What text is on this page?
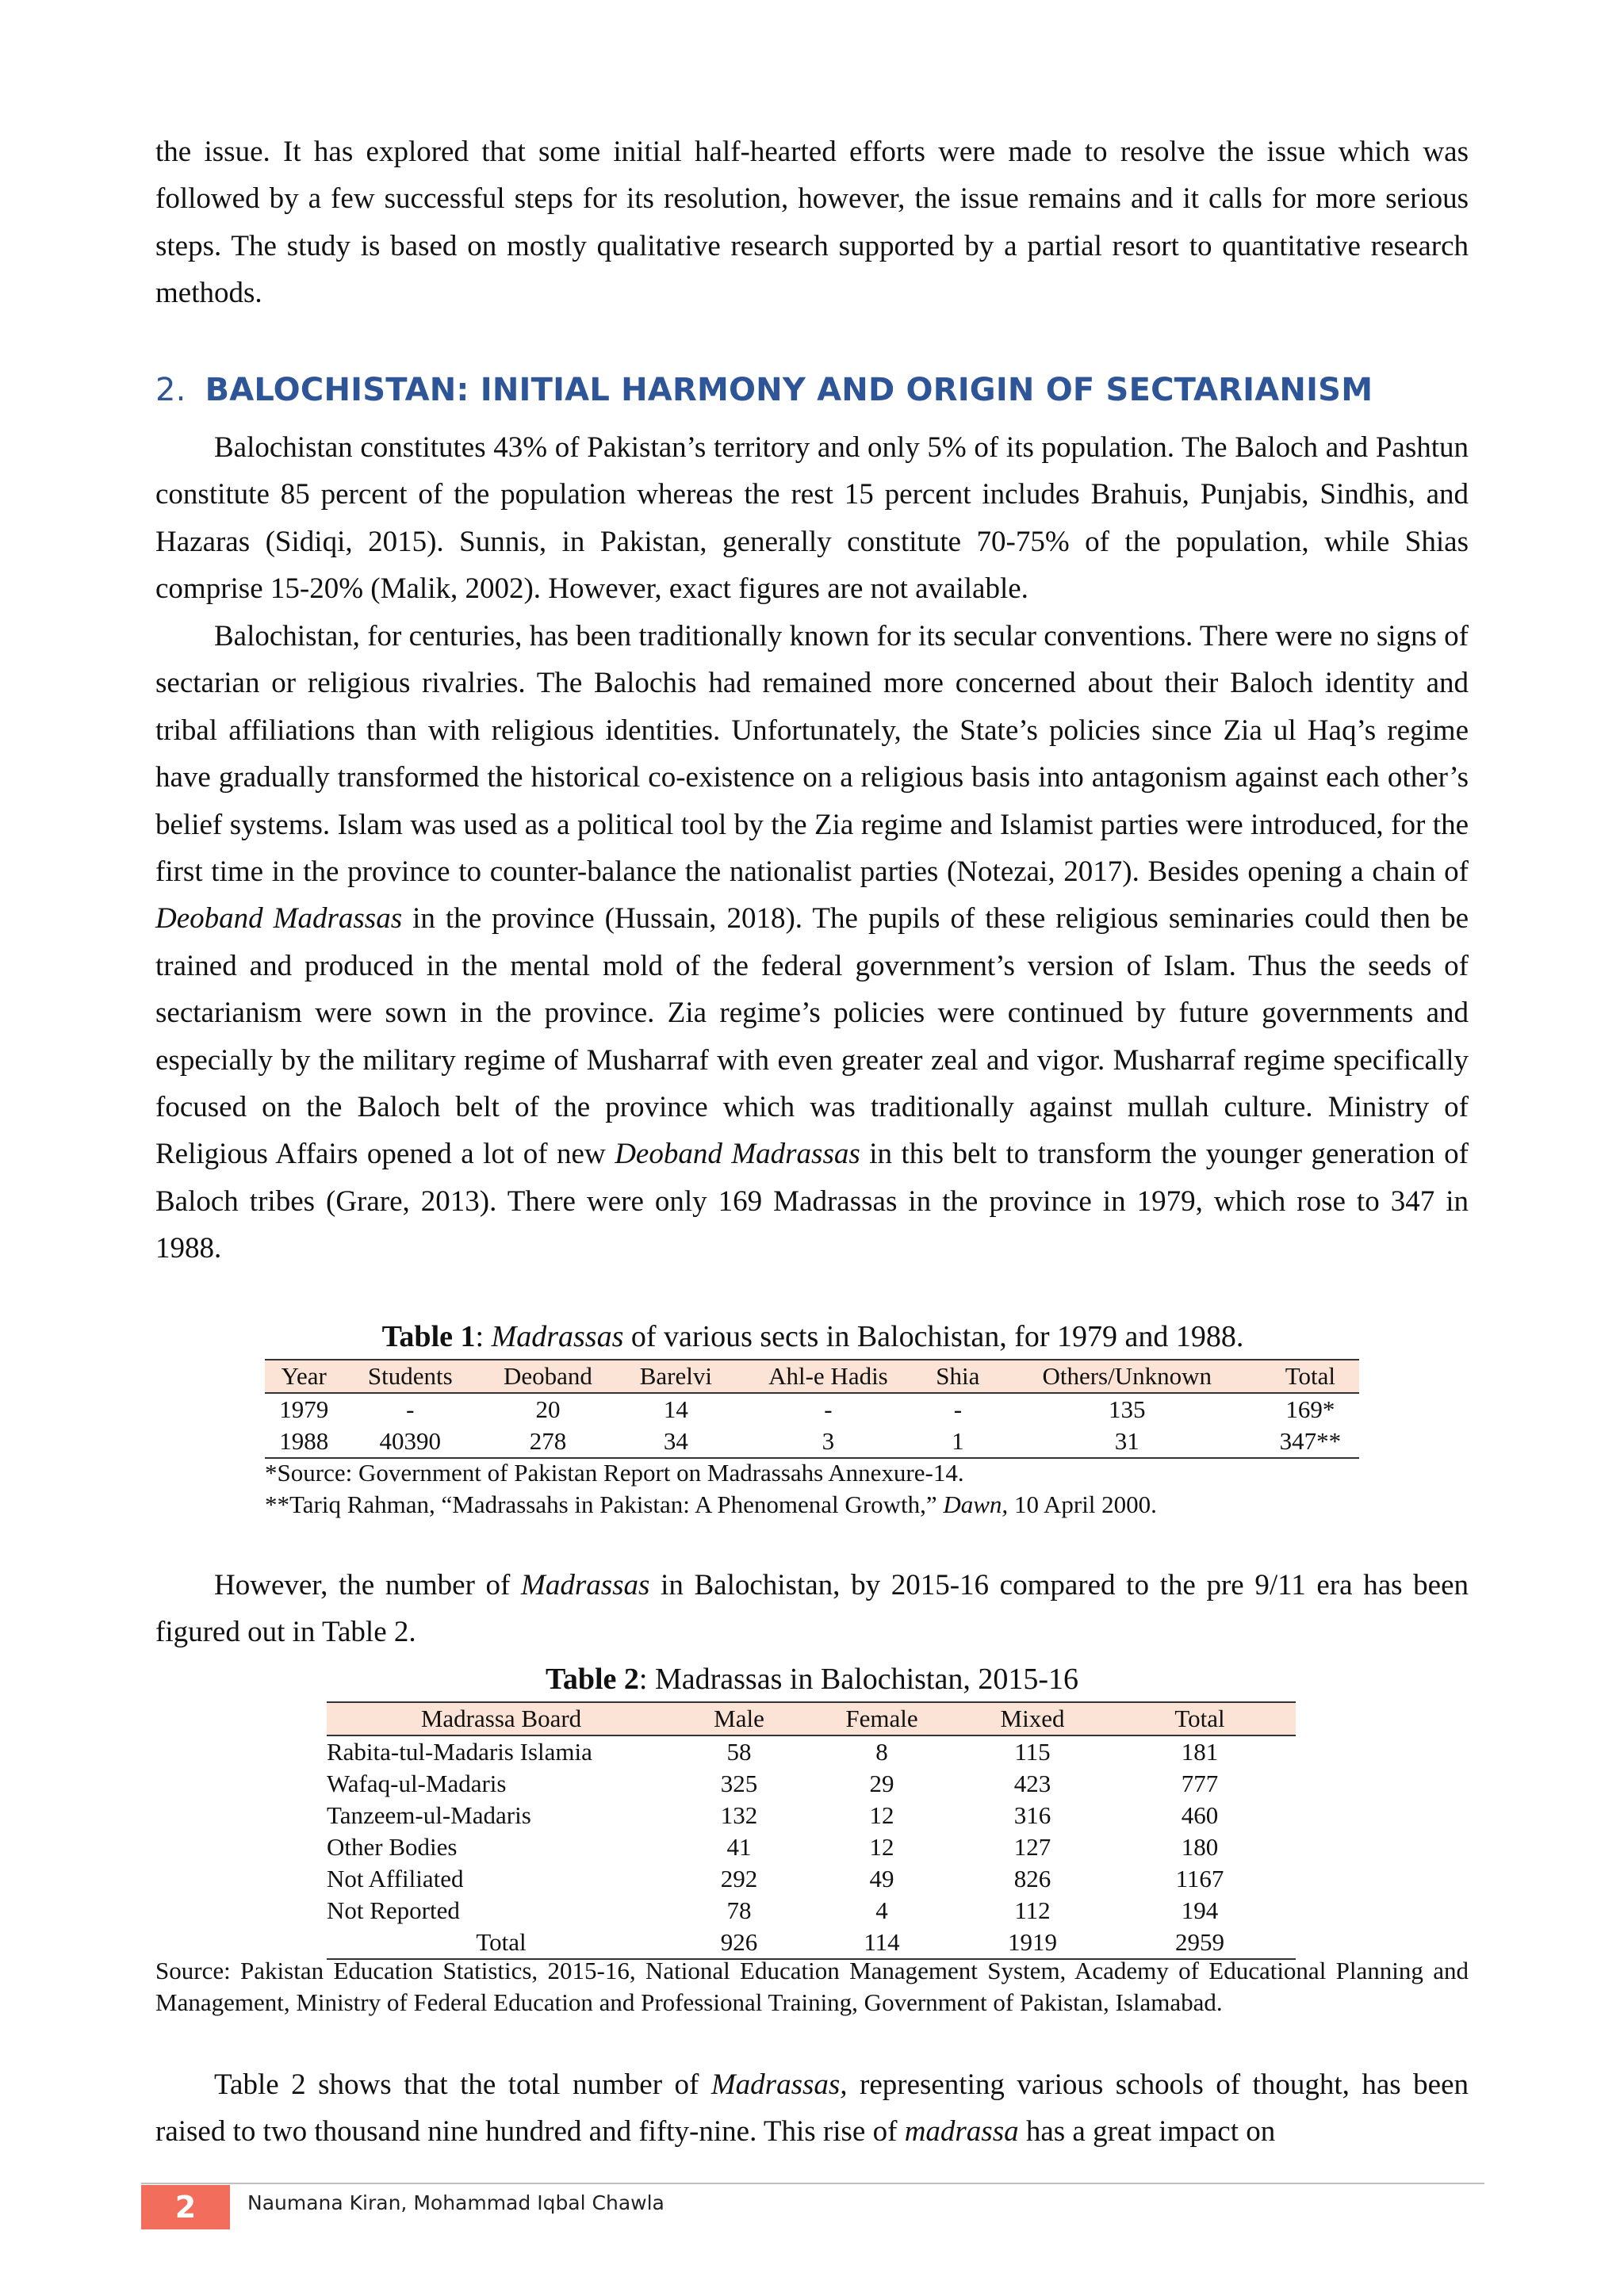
the issue. It has explored that some initial half-hearted efforts were made to resolve the issue which was followed by a few successful steps for its resolution, however, the issue remains and it calls for more serious steps. The study is based on mostly qualitative research supported by a partial resort to quantitative research methods.

2. BALOCHISTAN: INITIAL HARMONY AND ORIGIN OF SECTARIANISM

Balochistan constitutes 43% of Pakistan’s territory and only 5% of its population. The Baloch and Pashtun constitute 85 percent of the population whereas the rest 15 percent includes Brahuis, Punjabis, Sindhis, and Hazaras (Sidiqi, 2015). Sunnis, in Pakistan, generally constitute 70-75% of the population, while Shias comprise 15-20% (Malik, 2002). However, exact figures are not available.

Balochistan, for centuries, has been traditionally known for its secular conventions. There were no signs of sectarian or religious rivalries. The Balochis had remained more concerned about their Baloch identity and tribal affiliations than with religious identities. Unfortunately, the State’s policies since Zia ul Haq’s regime have gradually transformed the historical co-existence on a religious basis into antagonism against each other’s belief systems. Islam was used as a political tool by the Zia regime and Islamist parties were introduced, for the first time in the province to counter-balance the nationalist parties (Notezai, 2017). Besides opening a chain of Deoband Madrassas in the province (Hussain, 2018). The pupils of these religious seminaries could then be trained and produced in the mental mold of the federal government’s version of Islam. Thus the seeds of sectarianism were sown in the province. Zia regime’s policies were continued by future governments and especially by the military regime of Musharraf with even greater zeal and vigor. Musharraf regime specifically focused on the Baloch belt of the province which was traditionally against mullah culture. Ministry of Religious Affairs opened a lot of new Deoband Madrassas in this belt to transform the younger generation of Baloch tribes (Grare, 2013). There were only 169 Madrassas in the province in 1979, which rose to 347 in 1988.

Table 1: Madrassas of various sects in Balochistan, for 1979 and 1988.
Year	Students	Deoband	Barelvi	Ahl-e Hadis	Shia	Others/Unknown	Total
1979	-	20	14	-	-	135	169*
1988	40390	278	34	3	1	31	347**
*Source: Government of Pakistan Report on Madrassahs Annexure-14.
**Tariq Rahman, “Madrassahs in Pakistan: A Phenomenal Growth,” Dawn, 10 April 2000.

However, the number of Madrassas in Balochistan, by 2015-16 compared to the pre 9/11 era has been figured out in Table 2.

Table 2: Madrassas in Balochistan, 2015-16
Madrassa Board	Male	Female	Mixed	Total
Rabita-tul-Madaris Islamia	58	8	115	181
Wafaq-ul-Madaris	325	29	423	777
Tanzeem-ul-Madaris	132	12	316	460
Other Bodies	41	12	127	180
Not Affiliated	292	49	826	1167
Not Reported	78	4	112	194
Total	926	114	1919	2959
Source: Pakistan Education Statistics, 2015-16, National Education Management System, Academy of Educational Planning and Management, Ministry of Federal Education and Professional Training, Government of Pakistan, Islamabad.

Table 2 shows that the total number of Madrassas, representing various schools of thought, has been raised to two thousand nine hundred and fifty-nine. This rise of madrassa has a great impact on

2	Naumana Kiran, Mohammad Iqbal Chawla
